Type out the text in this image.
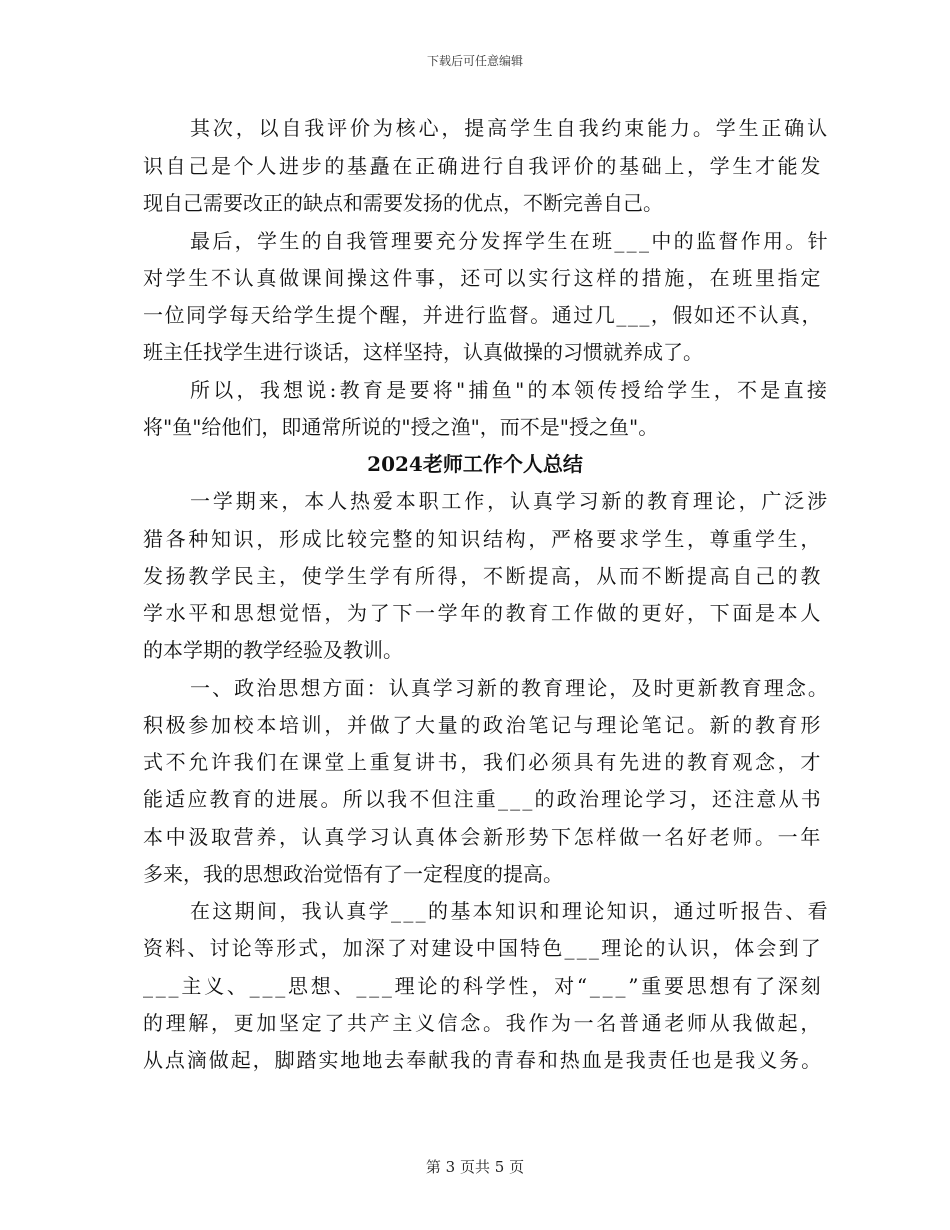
下载后可任意编辑
其次，以自我评价为核心，提高学生自我约束能力。学生正确认
识自己是个人进步的基矗在正确进行自我评价的基础上，学生才能发
现自己需要改正的缺点和需要发扬的优点，不断完善自己。
最后，学生的自我管理要充分发挥学生在班___中的监督作用。针
对学生不认真做课间操这件事，还可以实行这样的措施，在班里指定
一位同学每天给学生提个醒，并进行监督。通过几___，假如还不认真，
班主任找学生进行谈话，这样坚持，认真做操的习惯就养成了。
所以，我想说:教育是要将"捕鱼"的本领传授给学生，不是直接
将"鱼"给他们，即通常所说的"授之渔"，而不是"授之鱼"。
2024老师工作个人总结
一学期来，本人热爱本职工作，认真学习新的教育理论，广泛涉
猎各种知识，形成比较完整的知识结构，严格要求学生，尊重学生，
发扬教学民主，使学生学有所得，不断提高，从而不断提高自己的教
学水平和思想觉悟，为了下一学年的教育工作做的更好，下面是本人
的本学期的教学经验及教训。
一、政治思想方面：认真学习新的教育理论，及时更新教育理念。
积极参加校本培训，并做了大量的政治笔记与理论笔记。新的教育形
式不允许我们在课堂上重复讲书，我们必须具有先进的教育观念，才
能适应教育的进展。所以我不但注重___的政治理论学习，还注意从书
本中汲取营养，认真学习认真体会新形势下怎样做一名好老师。一年
多来，我的思想政治觉悟有了一定程度的提高。
在这期间，我认真学___的基本知识和理论知识，通过听报告、看
资料、讨论等形式，加深了对建设中国特色___理论的认识，体会到了
___主义、___思想、___理论的科学性，对“___”重要思想有了深刻
的理解，更加坚定了共产主义信念。我作为一名普通老师从我做起，
从点滴做起，脚踏实地地去奉献我的青春和热血是我责任也是我义务。
第 3 页共 5 页
